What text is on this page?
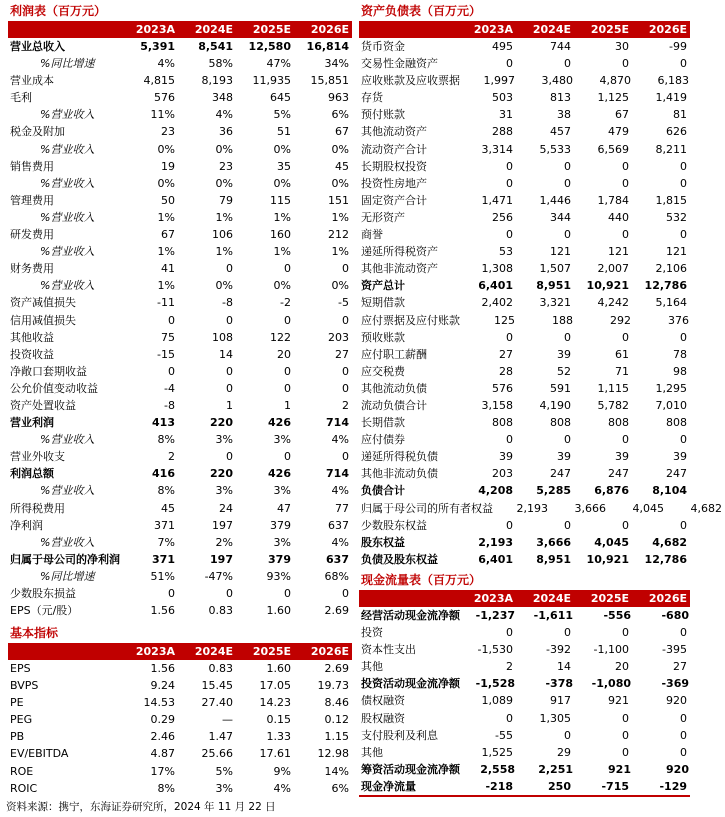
利润表（百万元）
2023A	2024E	2025E	2026E
营业总收入	5,391	8,541	12,580	16,814
%同比增速	4%	58%	47%	34%
营业成本	4,815	8,193	11,935	15,851
毛利	576	348	645	963
%营业收入	11%	4%	5%	6%
税金及附加	23	36	51	67
%营业收入	0%	0%	0%	0%
销售费用	19	23	35	45
%营业收入	0%	0%	0%	0%
管理费用	50	79	115	151
%营业收入	1%	1%	1%	1%
研发费用	67	106	160	212
%营业收入	1%	1%	1%	1%
财务费用	41	0	0	0
%营业收入	1%	0%	0%	0%
资产减值损失	-11	-8	-2	-5
信用减值损失	0	0	0	0
其他收益	75	108	122	203
投资收益	-15	14	20	27
净敞口套期收益	0	0	0	0
公允价值变动收益	-4	0	0	0
资产处置收益	-8	1	1	2
营业利润	413	220	426	714
%营业收入	8%	3%	3%	4%
营业外收支	2	0	0	0
利润总额	416	220	426	714
%营业收入	8%	3%	3%	4%
所得税费用	45	24	47	77
净利润	371	197	379	637
%营业收入	7%	2%	3%	4%
归属于母公司的净利润	371	197	379	637
%同比增速	51%	-47%	93%	68%
少数股东损益	0	0	0	0
EPS（元/股）	1.56	0.83	1.60	2.69
基本指标
2023A	2024E	2025E	2026E
EPS	1.56	0.83	1.60	2.69
BVPS	9.24	15.45	17.05	19.73
PE	14.53	27.40	14.23	8.46
PEG	0.29	—	0.15	0.12
PB	2.46	1.47	1.33	1.15
EV/EBITDA	4.87	25.66	17.61	12.98
ROE	17%	5%	9%	14%
ROIC	8%	3%	4%	6%
资产负债表（百万元）
2023A	2024E	2025E	2026E
货币资金	495	744	30	-99
交易性金融资产	0	0	0	0
应收账款及应收票据	1,997	3,480	4,870	6,183
存货	503	813	1,125	1,419
预付账款	31	38	67	81
其他流动资产	288	457	479	626
流动资产合计	3,314	5,533	6,569	8,211
长期股权投资	0	0	0	0
投资性房地产	0	0	0	0
固定资产合计	1,471	1,446	1,784	1,815
无形资产	256	344	440	532
商誉	0	0	0	0
递延所得税资产	53	121	121	121
其他非流动资产	1,308	1,507	2,007	2,106
资产总计	6,401	8,951	10,921	12,786
短期借款	2,402	3,321	4,242	5,164
应付票据及应付账款	125	188	292	376
预收账款	0	0	0	0
应付职工薪酬	27	39	61	78
应交税费	28	52	71	98
其他流动负债	576	591	1,115	1,295
流动负债合计	3,158	4,190	5,782	7,010
长期借款	808	808	808	808
应付债券	0	0	0	0
递延所得税负债	39	39	39	39
其他非流动负债	203	247	247	247
负债合计	4,208	5,285	6,876	8,104
归属于母公司的所有者权益	2,193	3,666	4,045	4,682
少数股东权益	0	0	0	0
股东权益	2,193	3,666	4,045	4,682
负债及股东权益	6,401	8,951	10,921	12,786
现金流量表（百万元）
2023A	2024E	2025E	2026E
经营活动现金流净额	-1,237	-1,611	-556	-680
投资	0	0	0	0
资本性支出	-1,530	-392	-1,100	-395
其他	2	14	20	27
投资活动现金流净额	-1,528	-378	-1,080	-369
债权融资	1,089	917	921	920
股权融资	0	1,305	0	0
支付股利及利息	-55	0	0	0
其他	1,525	29	0	0
筹资活动现金流净额	2,558	2,251	921	920
现金净流量	-218	250	-715	-129
资料来源：携宁，东海证券研究所，2024 年 11 月 22 日
